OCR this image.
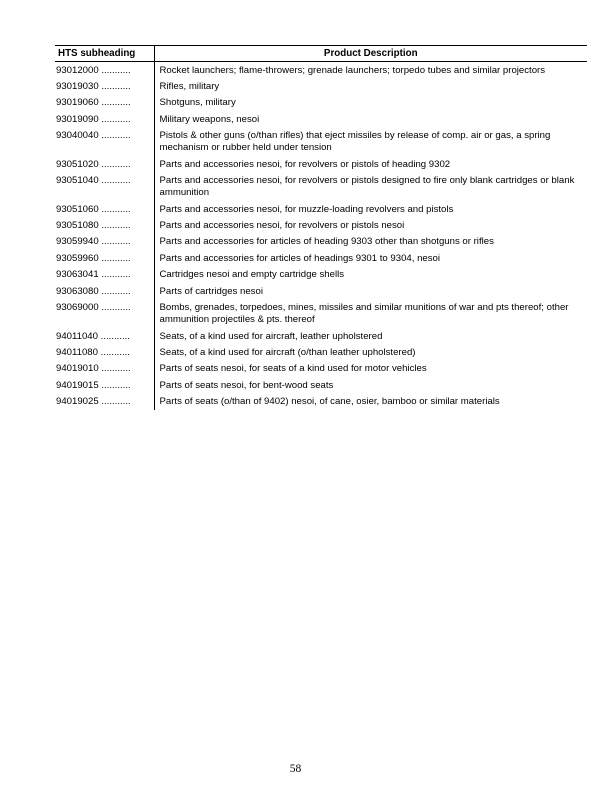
HTS subheading	Product Description
93012000 ...........	Rocket launchers; flame-throwers; grenade launchers; torpedo tubes and similar projectors
93019030 ...........	Rifles, military
93019060 ...........	Shotguns, military
93019090 ...........	Military weapons, nesoi
93040040 ...........	Pistols & other guns (o/than rifles) that eject missiles by release of comp. air or gas, a spring mechanism or rubber held under tension
93051020 ...........	Parts and accessories nesoi, for revolvers or pistols of heading 9302
93051040 ...........	Parts and accessories nesoi, for revolvers or pistols designed to fire only blank cartridges or blank ammunition
93051060 ...........	Parts and accessories nesoi, for muzzle-loading revolvers and pistols
93051080 ...........	Parts and accessories nesoi, for revolvers or pistols nesoi
93059940 ...........	Parts and accessories for articles of heading 9303 other than shotguns or rifles
93059960 ...........	Parts and accessories for articles of headings 9301 to 9304, nesoi
93063041 ...........	Cartridges nesoi and empty cartridge shells
93063080 ...........	Parts of cartridges nesoi
93069000 ...........	Bombs, grenades, torpedoes, mines, missiles and similar munitions of war and pts thereof; other ammunition projectiles & pts. thereof
94011040 ...........	Seats, of a kind used for aircraft, leather upholstered
94011080 ...........	Seats, of a kind used for aircraft (o/than leather upholstered)
94019010 ...........	Parts of seats nesoi, for seats of a kind used for motor vehicles
94019015 ...........	Parts of seats nesoi, for bent-wood seats
94019025 ...........	Parts of seats (o/than of 9402) nesoi, of cane, osier, bamboo or similar materials
58
